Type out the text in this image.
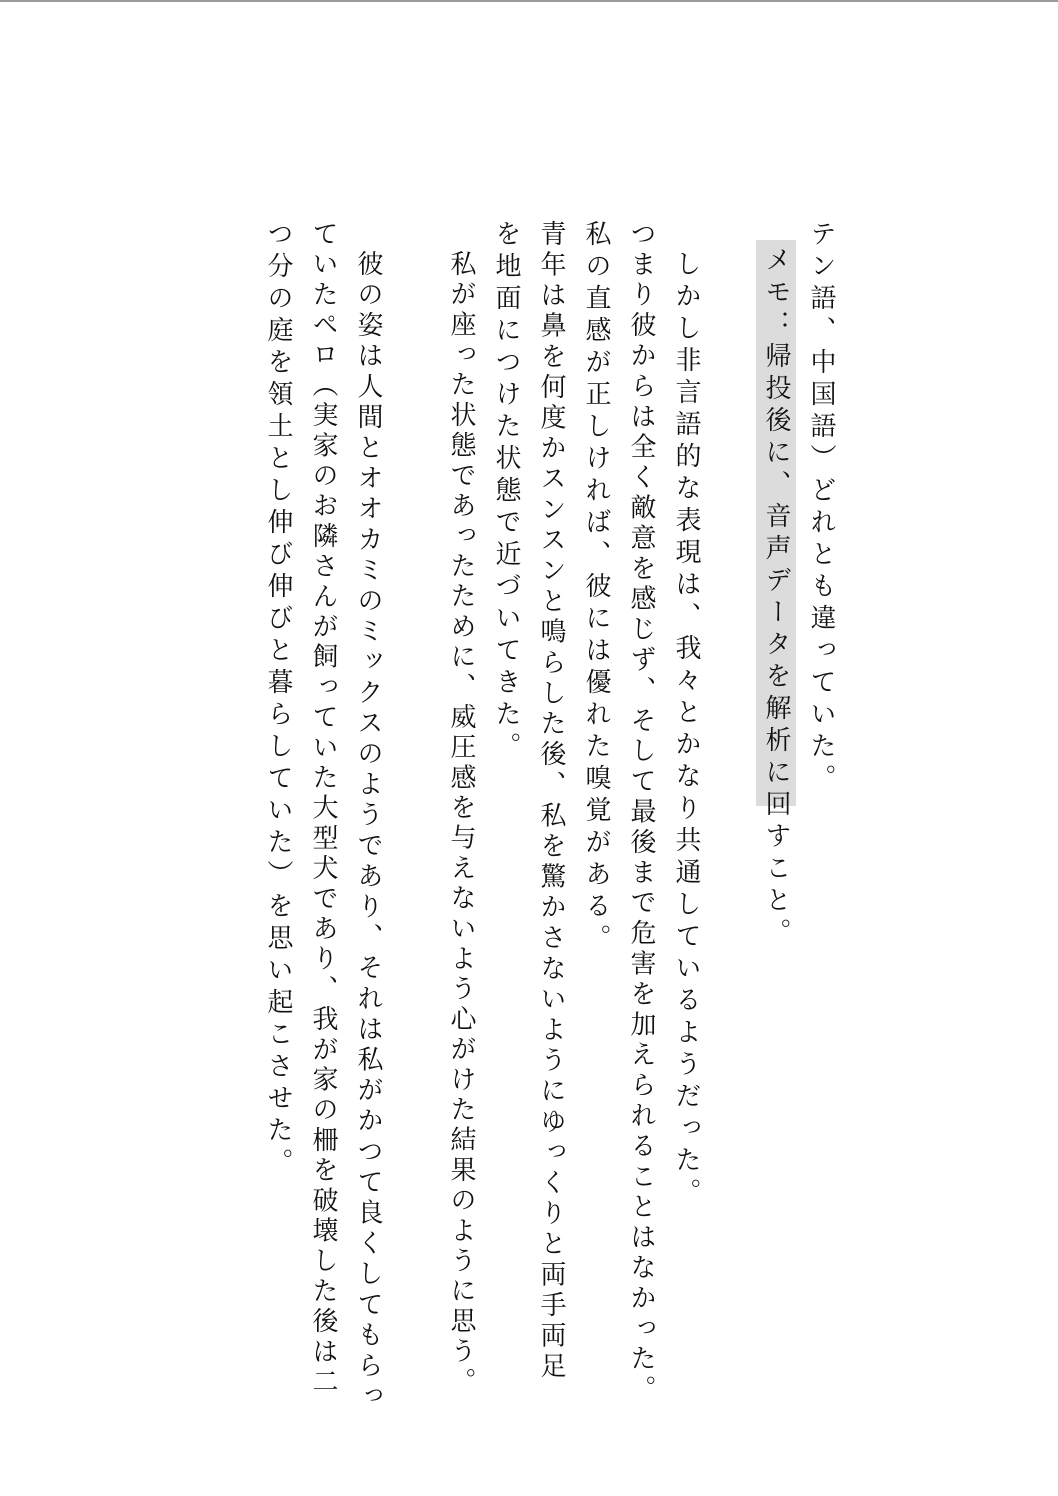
テン語、中国語）どれとも違っていた。
メモ：帰投後に、音声データを解析に回すこと。
しかし非言語的な表現は、我々とかなり共通しているようだった。
つまり彼からは全く敵意を感じず、そして最後まで危害を加えられることはなかった。
私の直感が正しければ、彼には優れた嗅覚がある。
青年は鼻を何度かスンスンと鳴らした後、私を驚かさないようにゆっくりと両手両足
を地面につけた状態で近づいてきた。
私が座った状態であったために、威圧感を与えないよう心がけた結果のように思う。
彼の姿は人間とオオカミのミックスのようであり、それは私がかつて良くしてもらっ
ていたペロ（実家のお隣さんが飼っていた大型犬であり、我が家の柵を破壊した後は二
つ分の庭を領土とし伸び伸びと暮らしていた）を思い起こさせた。
